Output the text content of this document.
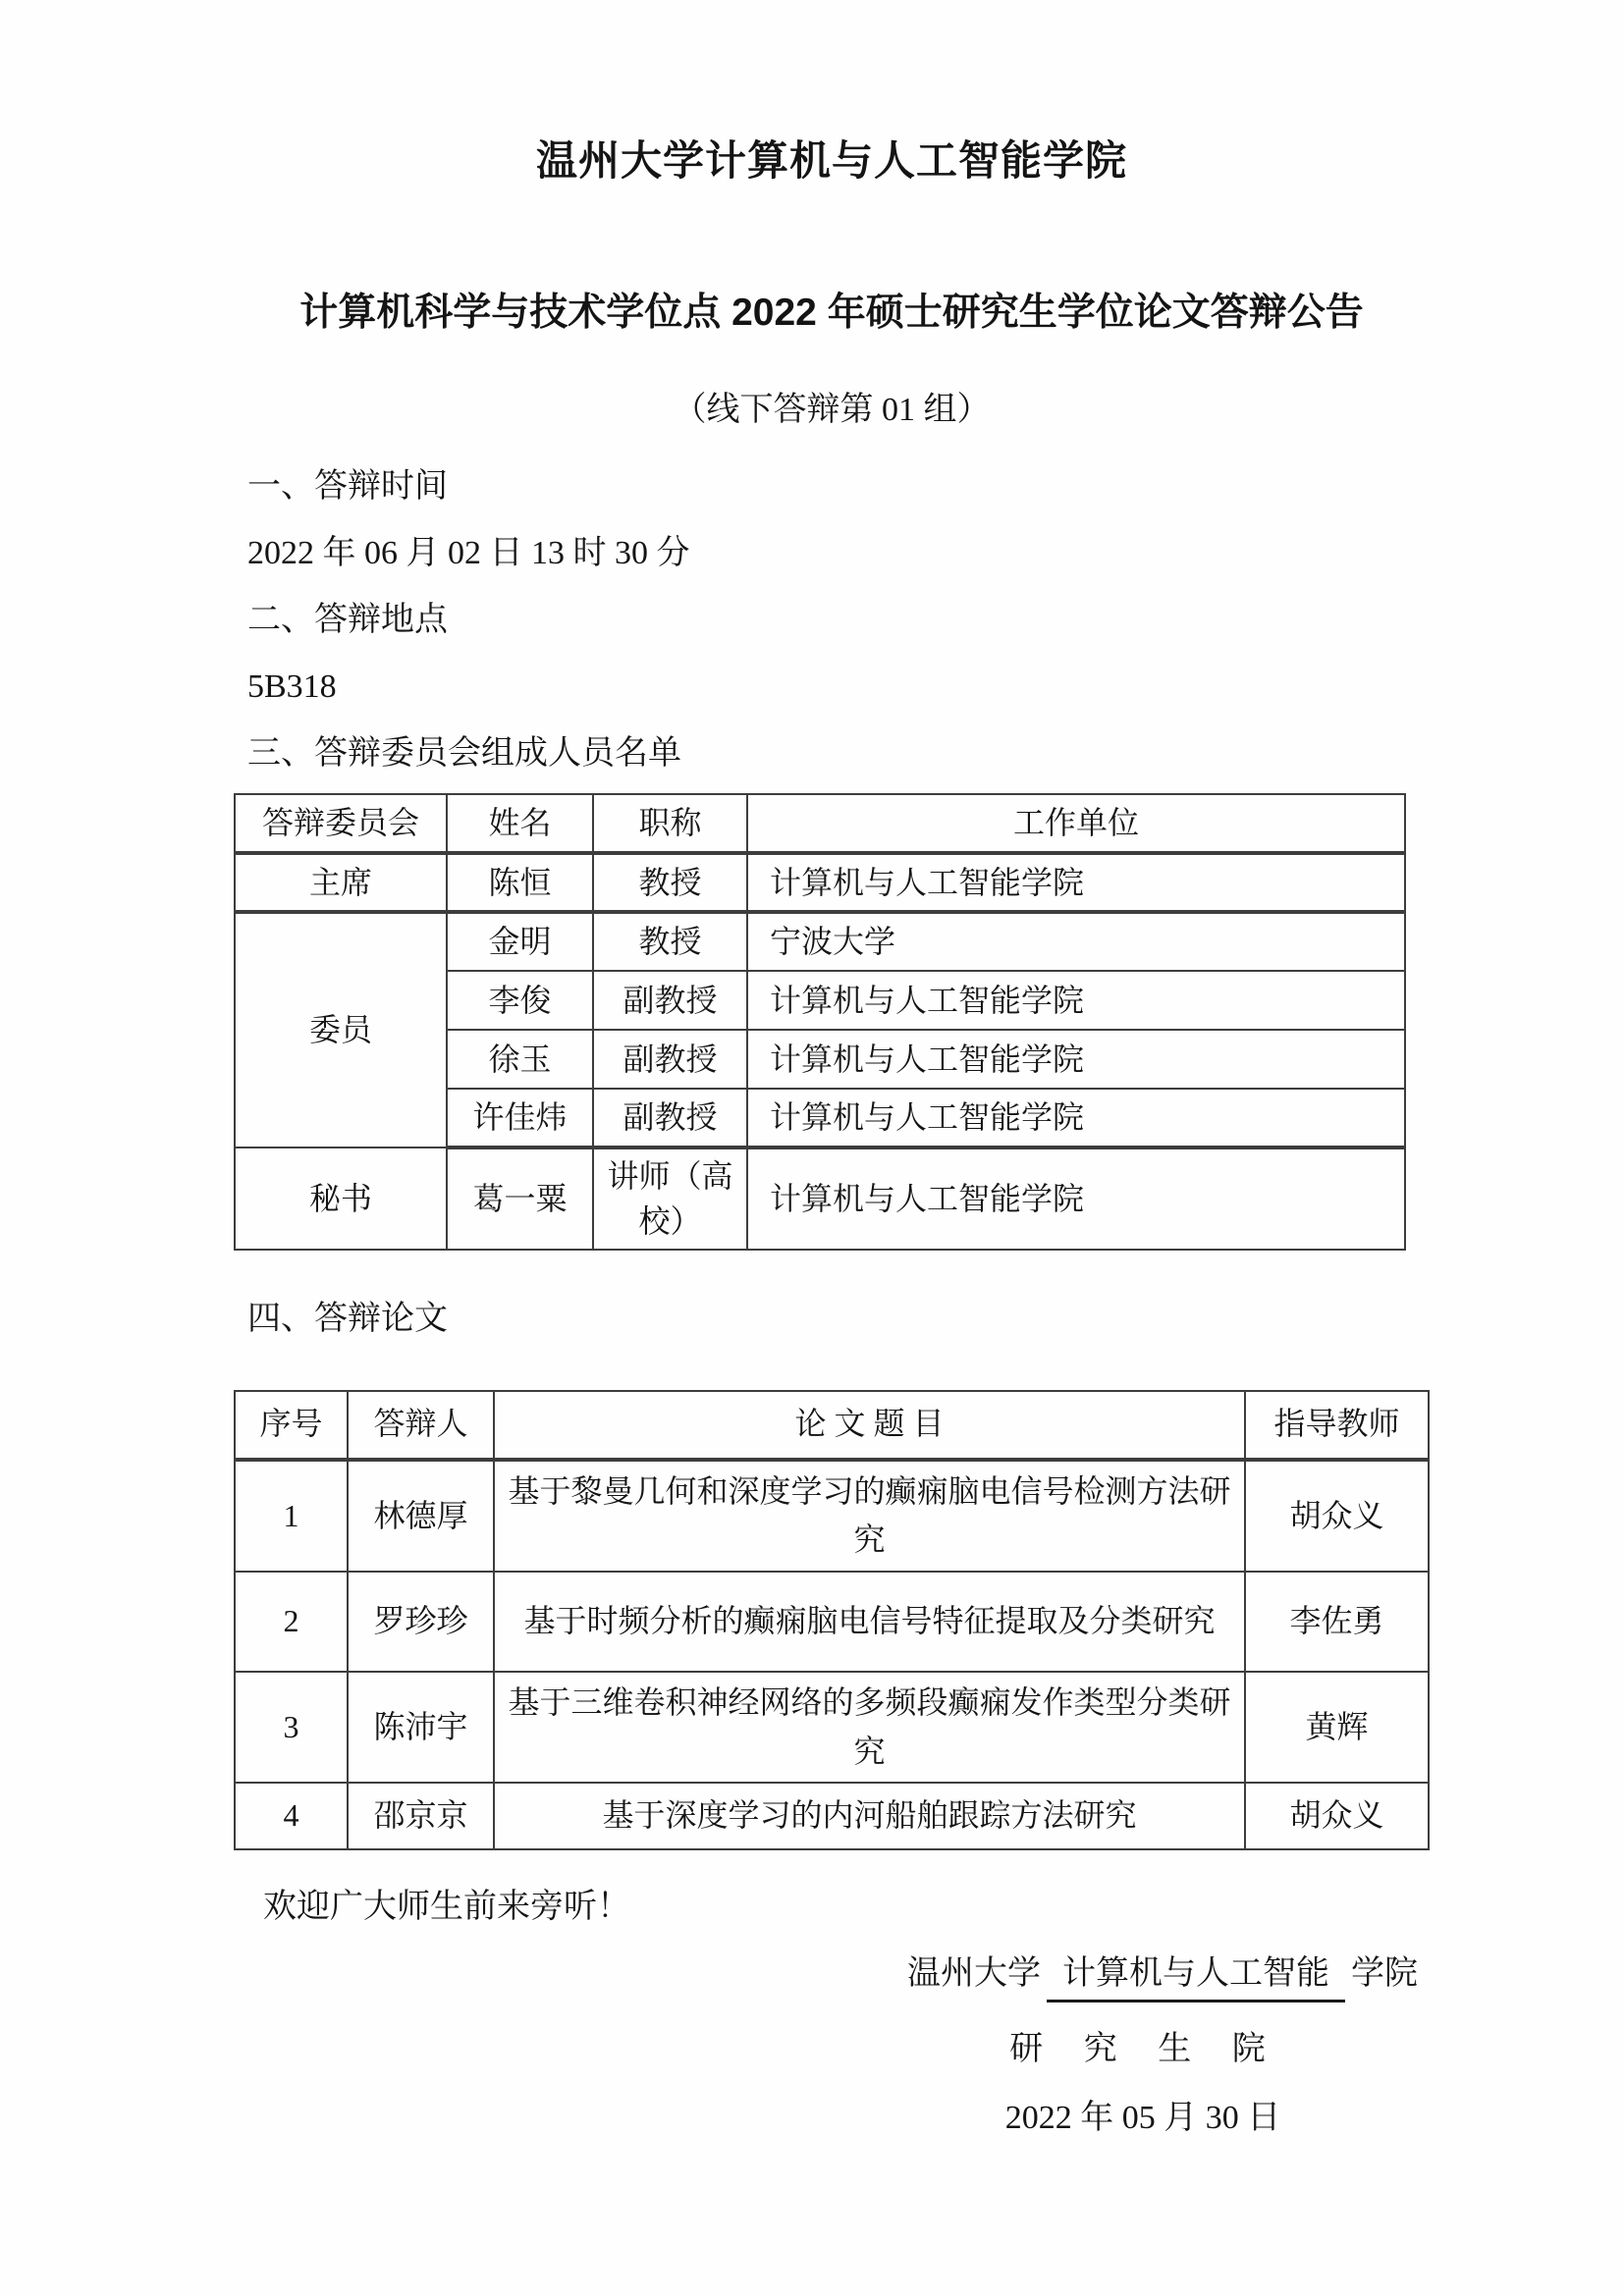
温州大学计算机与人工智能学院
计算机科学与技术学位点 2022 年硕士研究生学位论文答辩公告
（线下答辩第 01 组）
一、答辩时间
2022 年 06 月 02 日 13 时 30 分
二、答辩地点
5B318
三、答辩委员会组成人员名单
答辩委员会	姓名	职称	工作单位
主席	陈恒	教授	计算机与人工智能学院
委员	金明	教授	宁波大学
	李俊	副教授	计算机与人工智能学院
	徐玉	副教授	计算机与人工智能学院
	许佳炜	副教授	计算机与人工智能学院
秘书	葛一粟	讲师（高校）	计算机与人工智能学院
四、答辩论文
序号	答辩人	论 文 题 目	指导教师
1	林德厚	基于黎曼几何和深度学习的癫痫脑电信号检测方法研究	胡众义
2	罗珍珍	基于时频分析的癫痫脑电信号特征提取及分类研究	李佐勇
3	陈沛宇	基于三维卷积神经网络的多频段癫痫发作类型分类研究	黄辉
4	邵京京	基于深度学习的内河船舶跟踪方法研究	胡众义
欢迎广大师生前来旁听！
温州大学 计算机与人工智能 学院
研 究 生 院
2022 年 05 月 30 日
